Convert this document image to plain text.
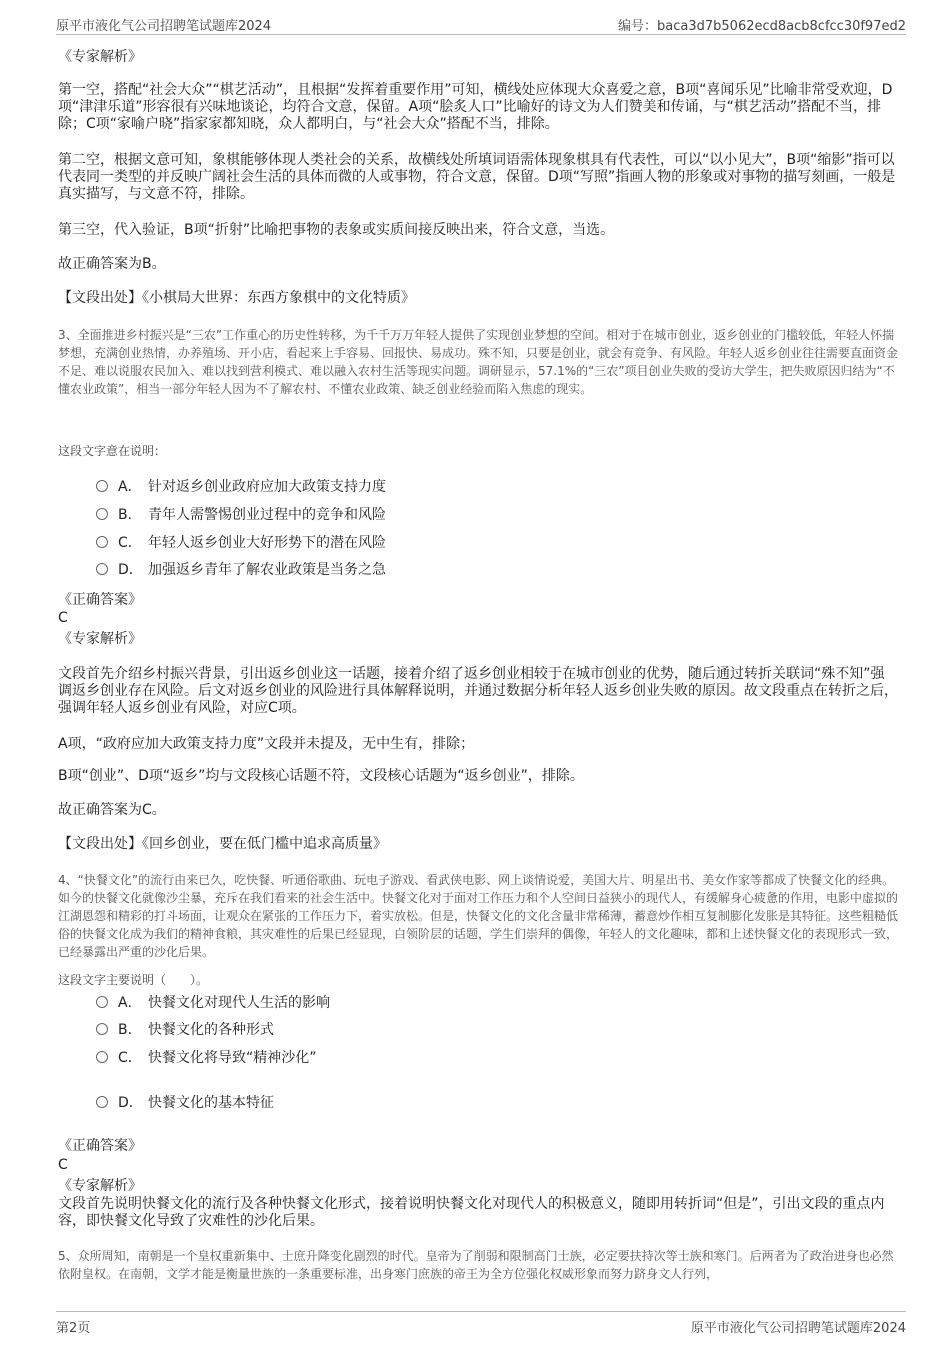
原平市液化气公司招聘笔试题库2024	编号：baca3d7b5062ecd8acb8cfcc30f97ed2

《专家解析》

第一空，搭配“社会大众”“棋艺活动”，且根据“发挥着重要作用”可知，横线处应体现大众喜爱之意，B项“喜闻乐见”比喻非常受欢迎，D项“津津乐道”形容很有兴味地谈论，均符合文意，保留。A项“脍炙人口”比喻好的诗文为人们赞美和传诵，与“棋艺活动”搭配不当，排除；C项“家喻户晓”指家家都知晓，众人都明白，与“社会大众”搭配不当，排除。

第二空，根据文意可知，象棋能够体现人类社会的关系，故横线处所填词语需体现象棋具有代表性，可以“以小见大”，B项“缩影”指可以代表同一类型的并反映广阔社会生活的具体而微的人或事物，符合文意，保留。D项“写照”指画人物的形象或对事物的描写刻画，一般是真实描写，与文意不符，排除。

第三空，代入验证，B项“折射”比喻把事物的表象或实质间接反映出来，符合文意，当选。

故正确答案为B。

【文段出处】《小棋局大世界：东西方象棋中的文化特质》

3、全面推进乡村振兴是“三农”工作重心的历史性转移，为千千万万年轻人提供了实现创业梦想的空间。相对于在城市创业，返乡创业的门槛较低，年轻人怀揣梦想，充满创业热情，办养殖场、开小店，看起来上手容易、回报快、易成功。殊不知，只要是创业，就会有竞争、有风险。年轻人返乡创业往往需要直面资金不足、难以说服农民加入、难以找到营利模式、难以融入农村生活等现实问题。调研显示，57.1%的“三农”项目创业失败的受访大学生，把失败原因归结为“不懂农业政策”，相当一部分年轻人因为不了解农村、不懂农业政策、缺乏创业经验而陷入焦虑的现实。

这段文字意在说明：

A． 针对返乡创业政府应加大政策支持力度
B． 青年人需警惕创业过程中的竞争和风险
C． 年轻人返乡创业大好形势下的潜在风险
D． 加强返乡青年了解农业政策是当务之急

《正确答案》

C

《专家解析》

文段首先介绍乡村振兴背景，引出返乡创业这一话题，接着介绍了返乡创业相较于在城市创业的优势，随后通过转折关联词“殊不知”强调返乡创业存在风险。后文对返乡创业的风险进行具体解释说明，并通过数据分析年轻人返乡创业失败的原因。故文段重点在转折之后，强调年轻人返乡创业有风险，对应C项。

A项，“政府应加大政策支持力度”文段并未提及，无中生有，排除；

B项“创业”、D项“返乡”均与文段核心话题不符，文段核心话题为“返乡创业”，排除。

故正确答案为C。

【文段出处】《回乡创业，要在低门槛中追求高质量》

4、“快餐文化”的流行由来已久，吃快餐、听通俗歌曲、玩电子游戏、看武侠电影、网上谈情说爱，美国大片、明星出书、美女作家等都成了快餐文化的经典。如今的快餐文化就像沙尘暴，充斥在我们看来的社会生活中。快餐文化对于面对工作压力和个人空间日益狭小的现代人，有缓解身心疲惫的作用，电影中虚拟的江湖恩怨和精彩的打斗场面，让观众在紧张的工作压力下，着实放松。但是，快餐文化的文化含量非常稀薄，蓄意炒作相互复制膨化发胀是其特征。这些粗糙低俗的快餐文化成为我们的精神食粮，其灾难性的后果已经显现，白领阶层的话题，学生们崇拜的偶像，年轻人的文化趣味，都和上述快餐文化的表现形式一致，已经暴露出严重的沙化后果。

这段文字主要说明（　　）。

A． 快餐文化对现代人生活的影响
B． 快餐文化的各种形式
C． 快餐文化将导致“精神沙化”
D． 快餐文化的基本特征

《正确答案》

C

《专家解析》

文段首先说明快餐文化的流行及各种快餐文化形式，接着说明快餐文化对现代人的积极意义，随即用转折词“但是”，引出文段的重点内容，即快餐文化导致了灾难性的沙化后果。

5、众所周知，南朝是一个皇权重新集中、士庶升降变化剧烈的时代。皇帝为了削弱和限制高门士族，必定要扶持次等士族和寒门。后两者为了政治进身也必然依附皇权。在南朝，文学才能是衡量世族的一条重要标准，出身寒门庶族的帝王为全方位强化权威形象而努力跻身文人行列，

第2页	原平市液化气公司招聘笔试题库2024
